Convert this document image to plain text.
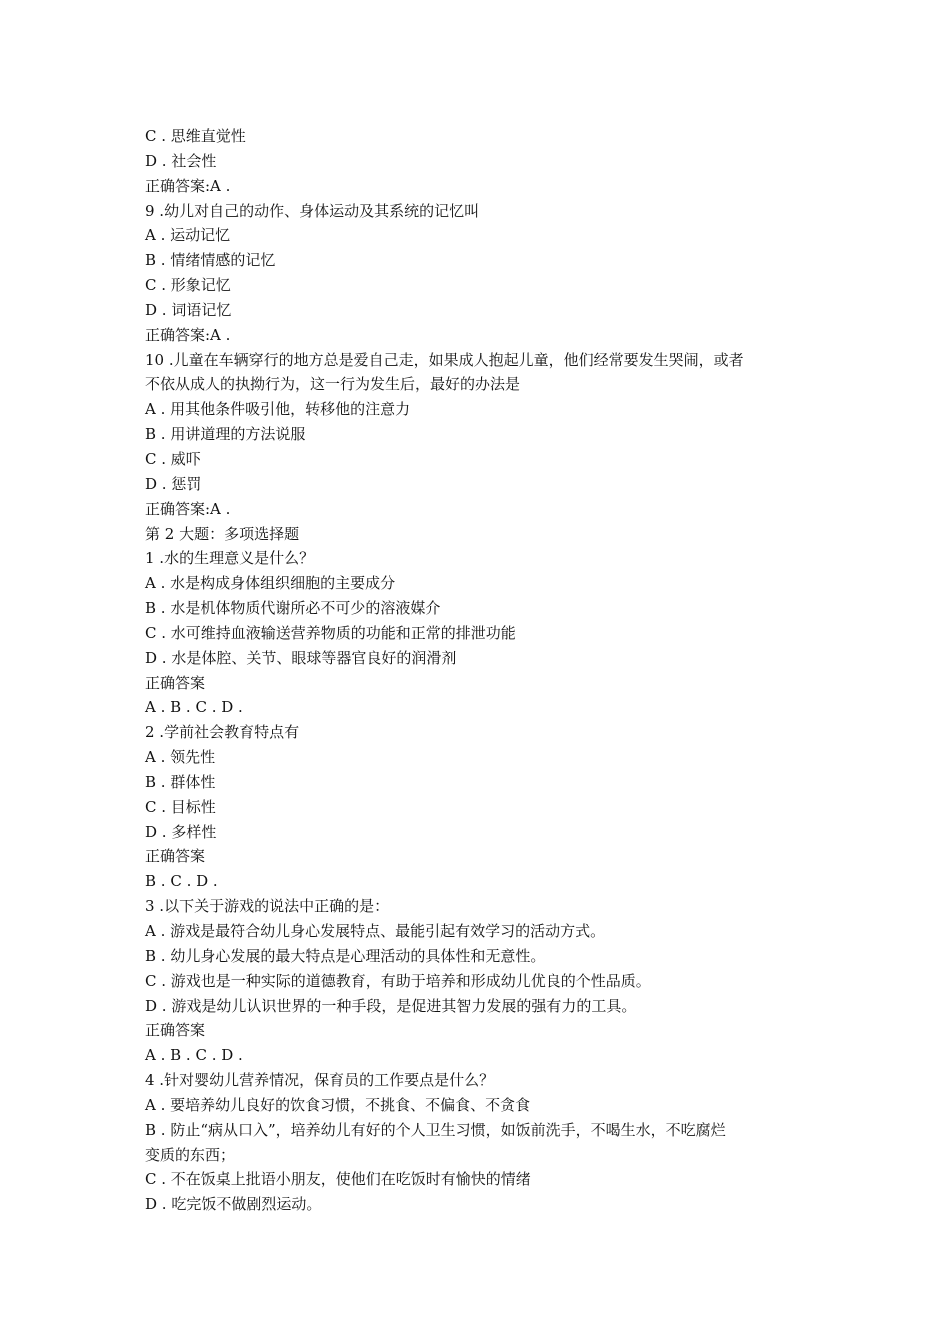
C . 思维直觉性
D . 社会性
正确答案:A .
9 .幼儿对自己的动作、身体运动及其系统的记忆叫
A . 运动记忆
B . 情绪情感的记忆
C . 形象记忆
D . 词语记忆
正确答案:A .
10 .儿童在车辆穿行的地方总是爱自己走，如果成人抱起儿童，他们经常要发生哭闹，或者
不依从成人的执拗行为，这一行为发生后，最好的办法是
A . 用其他条件吸引他，转移他的注意力
B . 用讲道理的方法说服
C . 威吓
D . 惩罚
正确答案:A .
第 2 大题：多项选择题
1 .水的生理意义是什么？
A . 水是构成身体组织细胞的主要成分
B . 水是机体物质代谢所必不可少的溶液媒介
C . 水可维持血液输送营养物质的功能和正常的排泄功能
D . 水是体腔、关节、眼球等器官良好的润滑剂
正确答案
A . B . C . D .
2 .学前社会教育特点有
A . 领先性
B . 群体性
C . 目标性
D . 多样性
正确答案
B . C . D .
3 .以下关于游戏的说法中正确的是：
A . 游戏是最符合幼儿身心发展特点、最能引起有效学习的活动方式。
B . 幼儿身心发展的最大特点是心理活动的具体性和无意性。
C . 游戏也是一种实际的道德教育，有助于培养和形成幼儿优良的个性品质。
D . 游戏是幼儿认识世界的一种手段，是促进其智力发展的强有力的工具。
正确答案
A . B . C . D .
4 .针对婴幼儿营养情况，保育员的工作要点是什么？
A . 要培养幼儿良好的饮食习惯，不挑食、不偏食、不贪食
B . 防止“病从口入”，培养幼儿有好的个人卫生习惯，如饭前洗手，不喝生水，不吃腐烂
变质的东西；
C . 不在饭桌上批语小朋友，使他们在吃饭时有愉快的情绪
D . 吃完饭不做剧烈运动。
